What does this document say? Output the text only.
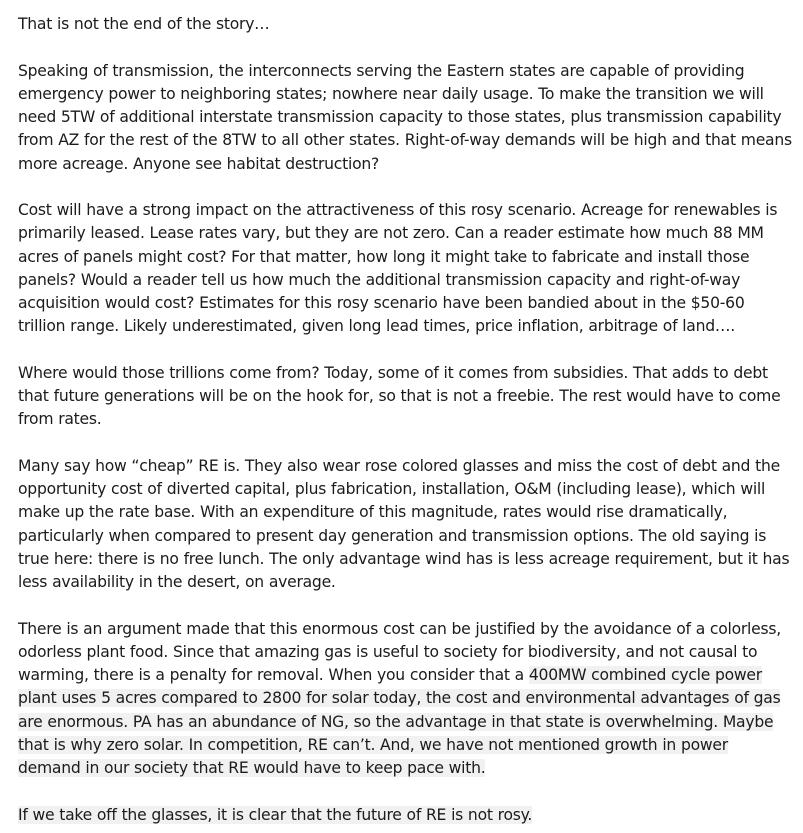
That is not the end of the story…

Speaking of transmission, the interconnects serving the Eastern states are capable of providing emergency power to neighboring states; nowhere near daily usage. To make the transition we will need 5TW of additional interstate transmission capacity to those states, plus transmission capability from AZ for the rest of the 8TW to all other states. Right-of-way demands will be high and that means more acreage. Anyone see habitat destruction?

Cost will have a strong impact on the attractiveness of this rosy scenario. Acreage for renewables is primarily leased. Lease rates vary, but they are not zero. Can a reader estimate how much 88 MM acres of panels might cost? For that matter, how long it might take to fabricate and install those panels? Would a reader tell us how much the additional transmission capacity and right-of-way acquisition would cost? Estimates for this rosy scenario have been bandied about in the $50-60 trillion range. Likely underestimated, given long lead times, price inflation, arbitrage of land….

Where would those trillions come from? Today, some of it comes from subsidies. That adds to debt that future generations will be on the hook for, so that is not a freebie. The rest would have to come from rates.

Many say how “cheap” RE is. They also wear rose colored glasses and miss the cost of debt and the opportunity cost of diverted capital, plus fabrication, installation, O&M (including lease), which will make up the rate base. With an expenditure of this magnitude, rates would rise dramatically, particularly when compared to present day generation and transmission options. The old saying is true here: there is no free lunch. The only advantage wind has is less acreage requirement, but it has less availability in the desert, on average.

There is an argument made that this enormous cost can be justified by the avoidance of a colorless, odorless plant food. Since that amazing gas is useful to society for biodiversity, and not causal to warming, there is a penalty for removal. When you consider that a 400MW combined cycle power plant uses 5 acres compared to 2800 for solar today, the cost and environmental advantages of gas are enormous. PA has an abundance of NG, so the advantage in that state is overwhelming. Maybe that is why zero solar. In competition, RE can’t. And, we have not mentioned growth in power demand in our society that RE would have to keep pace with.

If we take off the glasses, it is clear that the future of RE is not rosy.
